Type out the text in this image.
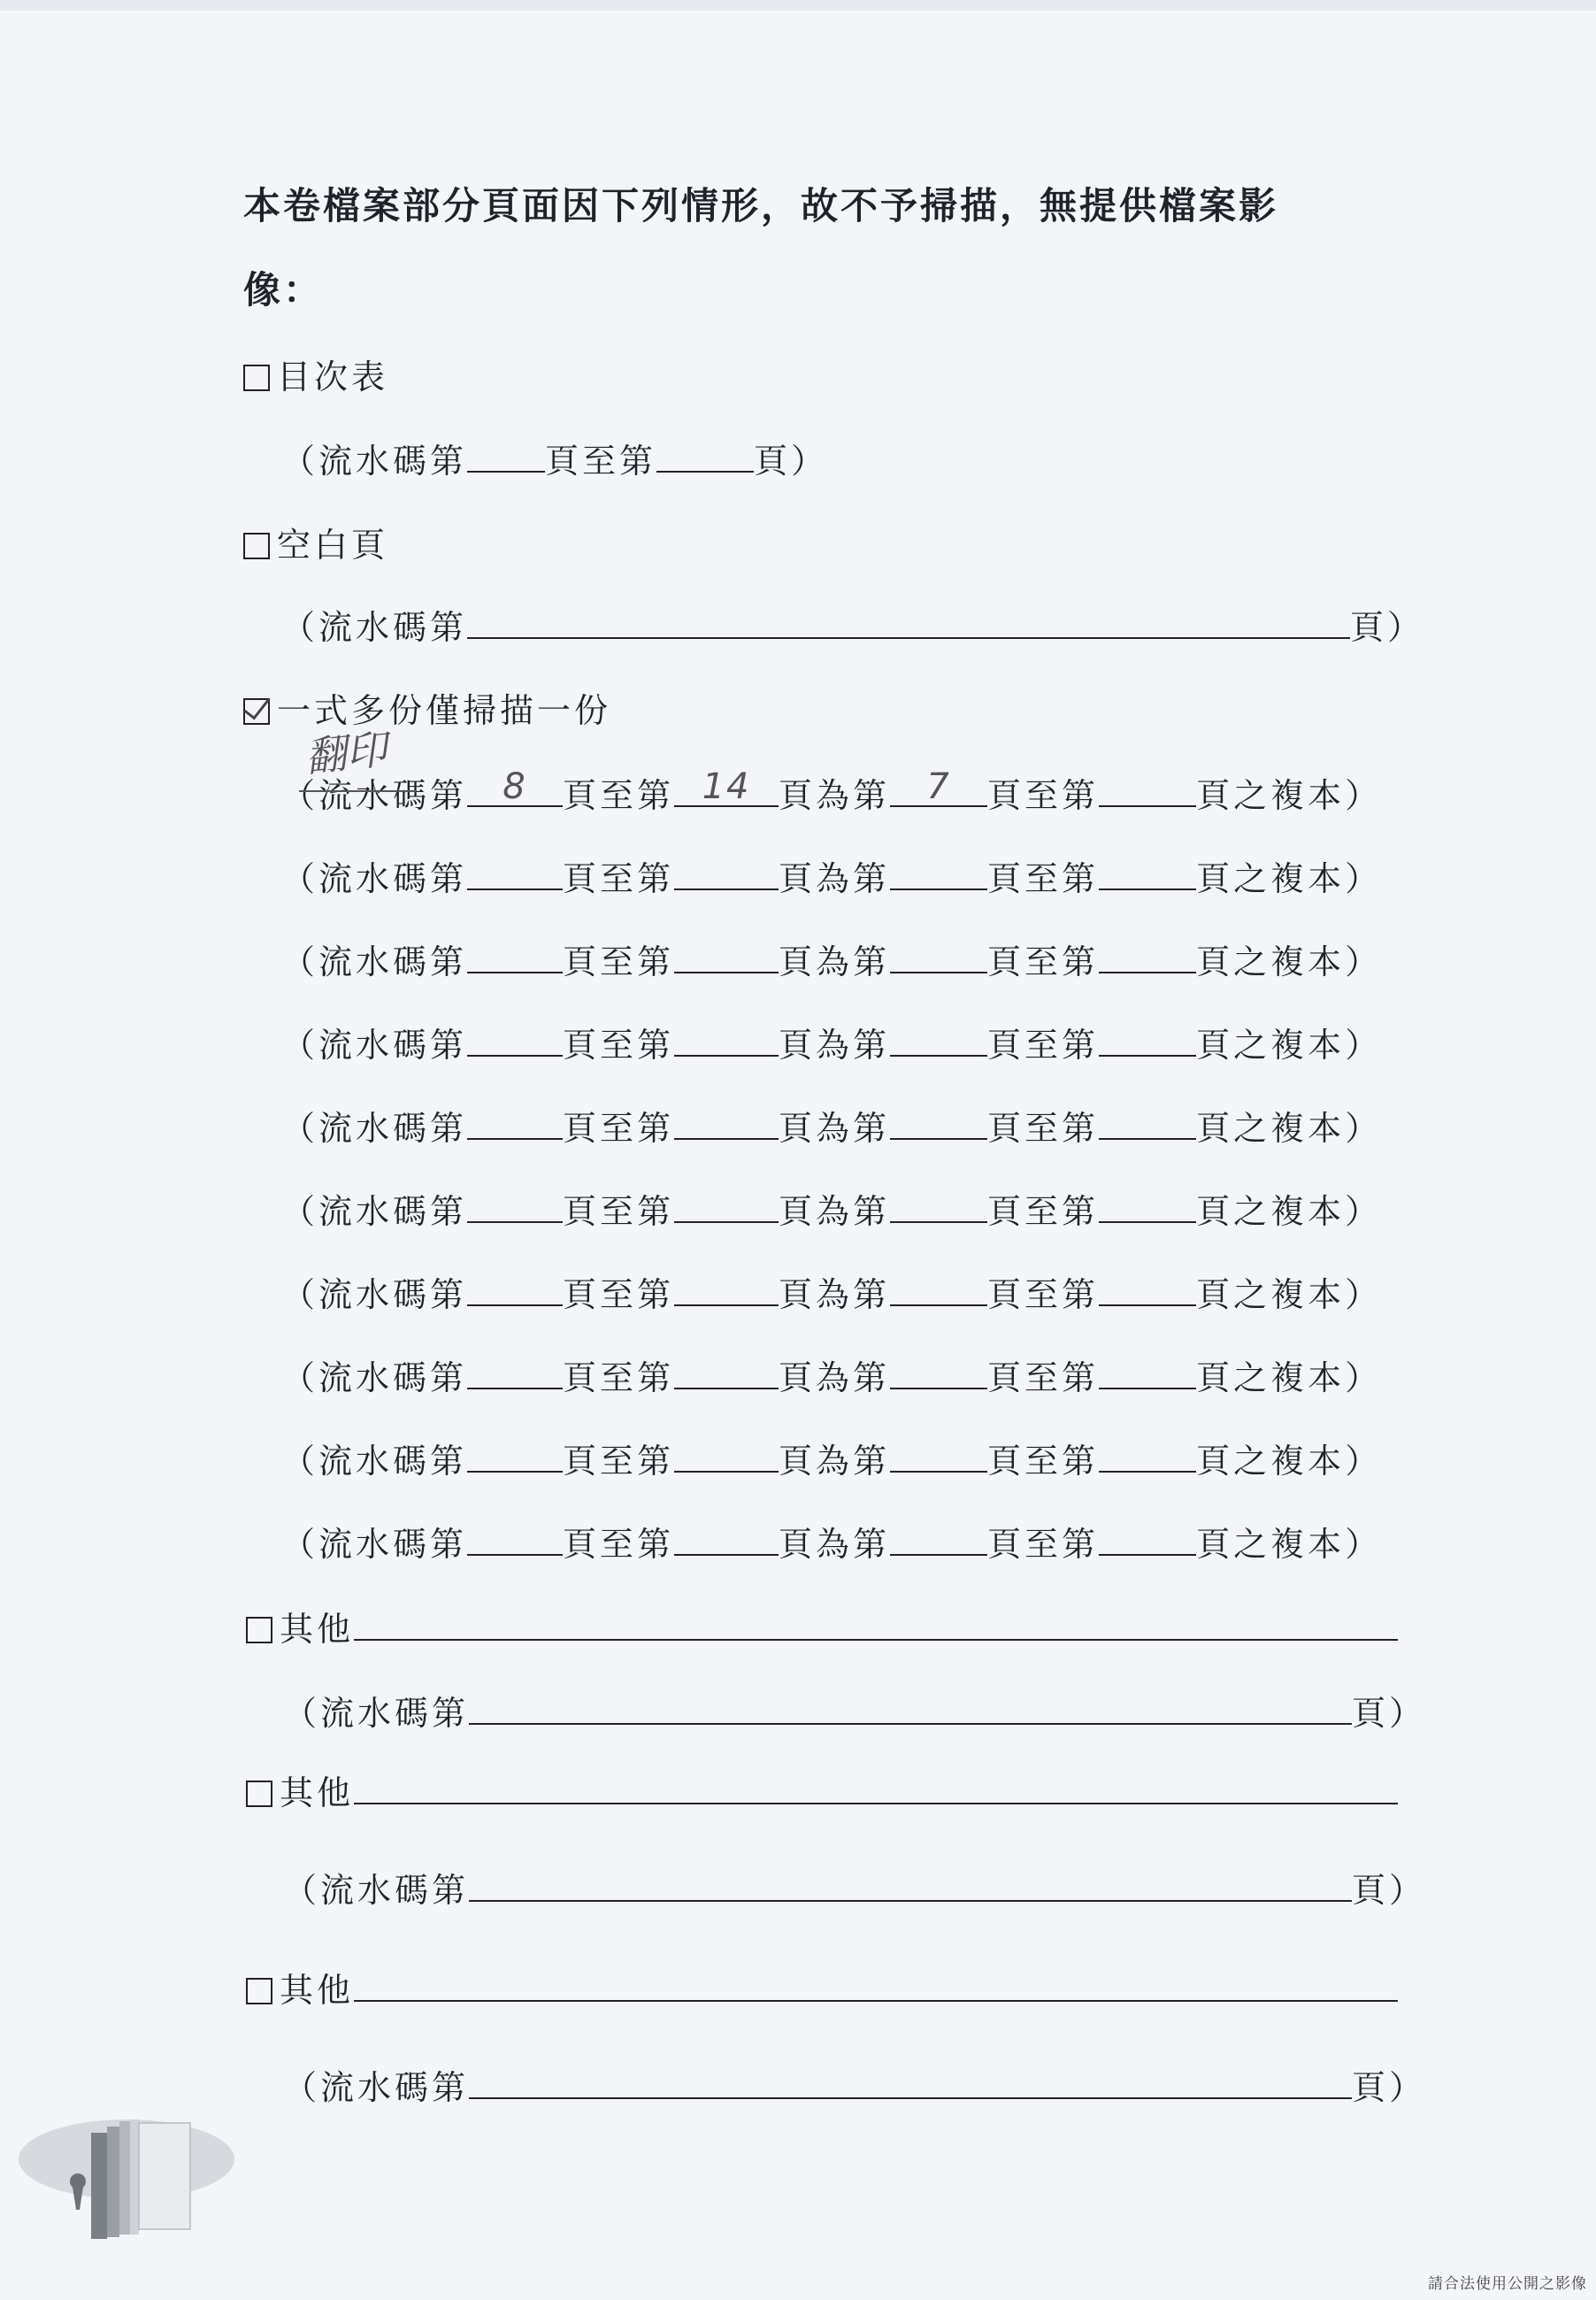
本卷檔案部分頁面因下列情形，故不予掃描，無提供檔案影
像：
目次表
（流水碼第 頁至第	頁）
空白頁
（流水碼第	頁）
一式多份僅掃描一份
翻印
（流水碼第	8	頁至第 14 頁為第	7	頁至第	頁之複本）
（流水碼第	頁至第	頁為第	頁至第	頁之複本）
（流水碼第	頁至第	頁為第	頁至第	頁之複本）
（流水碼第	頁至第	頁為第	頁至第	頁之複本）
（流水碼第	頁至第	頁為第	頁至第	頁之複本）
（流水碼第	頁至第	頁為第	頁至第	頁之複本）
（流水碼第	頁至第	頁為第	頁至第	頁之複本）
（流水碼第	頁至第	頁為第	頁至第	頁之複本）
（流水碼第	頁至第	頁為第	頁至第	頁之複本）
（流水碼第	頁至第	頁為第	頁至第	頁之複本）
其他
（流水碼第	頁）
其他
（流水碼第	頁）
其他
（流水碼第	頁）
請合法使用公開之影像
